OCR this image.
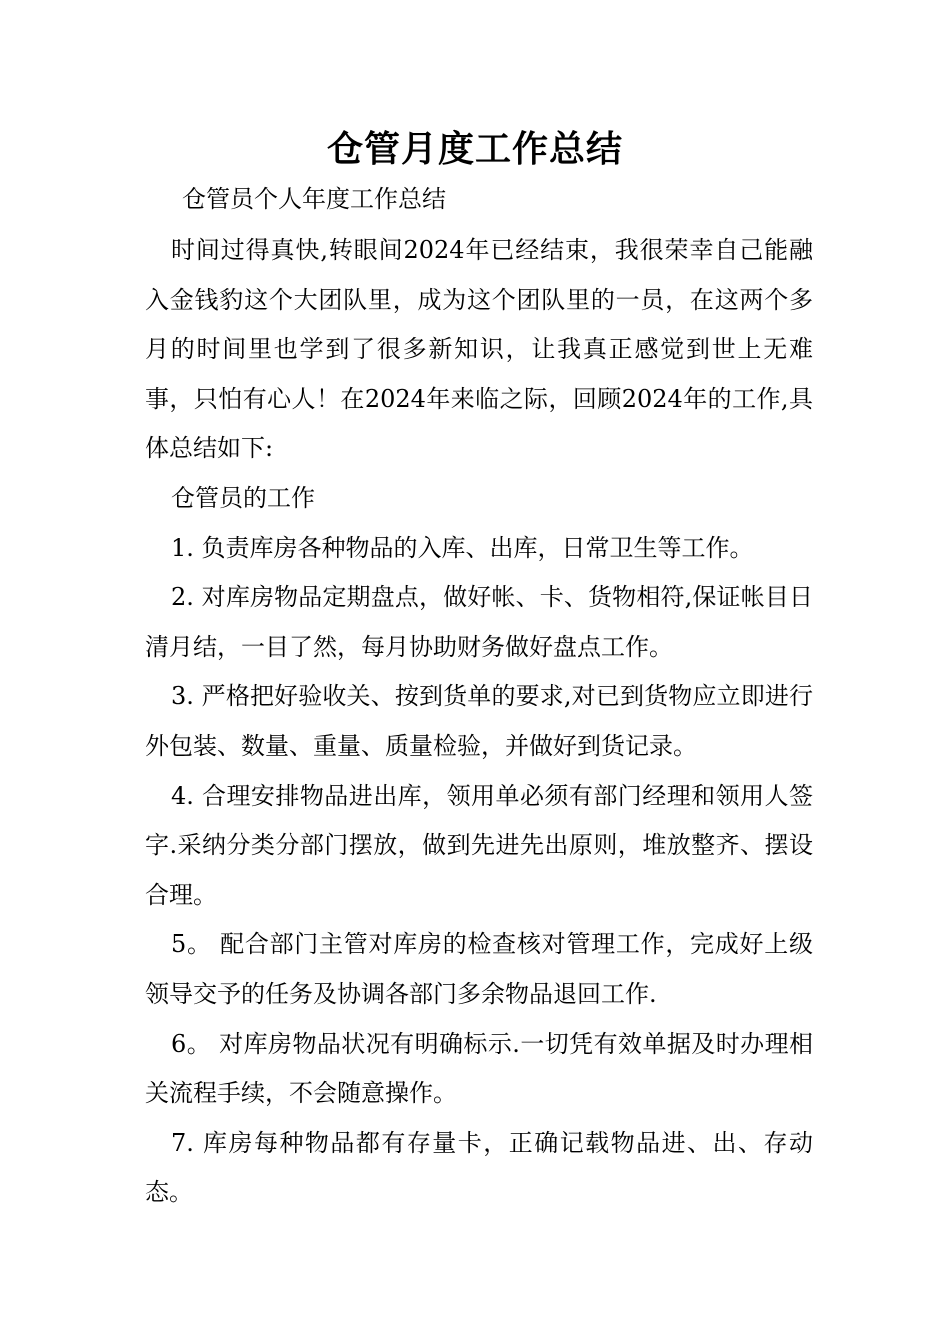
仓管月度工作总结

仓管员个人年度工作总结

时间过得真快,转眼间2024年已经结束，我很荣幸自己能融入金钱豹这个大团队里，成为这个团队里的一员，在这两个多月的时间里也学到了很多新知识，让我真正感觉到世上无难事，只怕有心人！在2024年来临之际，回顾2024年的工作,具体总结如下:

仓管员的工作

1. 负责库房各种物品的入库、出库，日常卫生等工作。

2. 对库房物品定期盘点，做好帐、卡、货物相符,保证帐目日清月结，一目了然，每月协助财务做好盘点工作。

3. 严格把好验收关、按到货单的要求,对已到货物应立即进行外包装、数量、重量、质量检验，并做好到货记录。

4. 合理安排物品进出库，领用单必须有部门经理和领用人签字.采纳分类分部门摆放，做到先进先出原则，堆放整齐、摆设合理。

5。 配合部门主管对库房的检查核对管理工作，完成好上级领导交予的任务及协调各部门多余物品退回工作.

6。 对库房物品状况有明确标示.一切凭有效单据及时办理相关流程手续，不会随意操作。

7. 库房每种物品都有存量卡，正确记载物品进、出、存动态。
